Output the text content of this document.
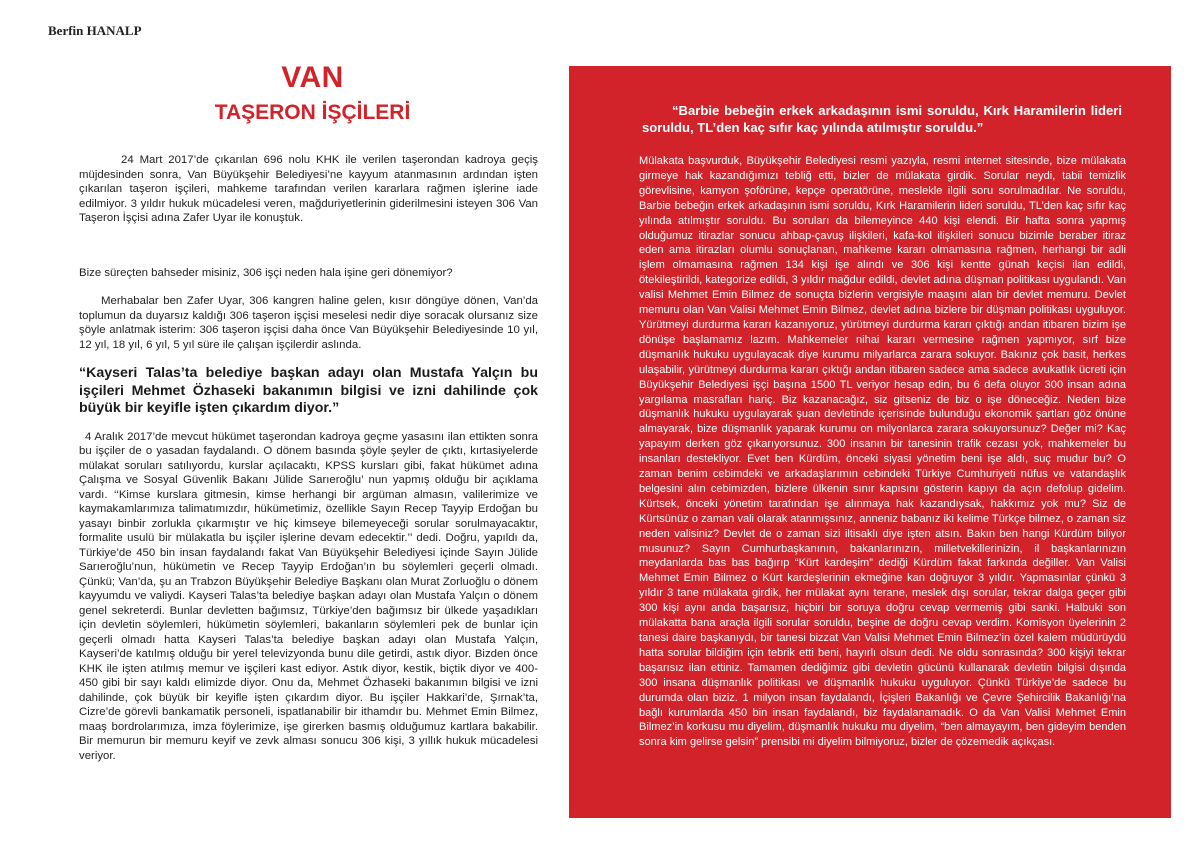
Berfin HANALP
VAN
TAŞERON İŞÇİLERİ

24 Mart 2017’de çıkarılan 696 nolu KHK ile verilen taşerondan kadroya geçiş müjdesinden sonra, Van Büyükşehir Belediyesi’ne kayyum atanmasının ardından işten çıkarılan taşeron işçileri, mahkeme tarafından verilen kararlara rağmen işlerine iade edilmiyor. 3 yıldır hukuk mücadelesi veren, mağduriyetlerinin giderilmesini isteyen 306 Van Taşeron İşçisi adına Zafer Uyar ile konuştuk.

Bize süreçten bahseder misiniz, 306 işçi neden hala işine geri dönemiyor?

Merhabalar ben Zafer Uyar, 306 kangren haline gelen, kısır döngüye dönen, Van’da toplumun da duyarsız kaldığı 306 taşeron işçisi meselesi nedir diye soracak olursanız size şöyle anlatmak isterim: 306 taşeron işçisi daha önce Van Büyükşehir Belediyesinde 10 yıl, 12 yıl, 18 yıl, 6 yıl, 5 yıl süre ile çalışan işçilerdir aslında.

“Kayseri Talas’ta belediye başkan adayı olan Mustafa Yalçın bu işçileri Mehmet Özhaseki bakanımın bilgisi ve izni dahilinde çok büyük bir keyifle işten çıkardım diyor.”

4 Aralık 2017’de mevcut hükümet taşerondan kadroya geçme yasasını ilan ettikten sonra bu işçiler de o yasadan faydalandı. O dönem basında şöyle şeyler de çıktı, kırtasiyelerde mülakat soruları satılıyordu, kurslar açılacaktı, KPSS kursları gibi, fakat hükümet adına Çalışma ve Sosyal Güvenlik Bakanı Jülide Sarıeroğlu’ nun yapmış olduğu bir açıklama vardı. ‘‘Kimse kurslara gitmesin, kimse herhangi bir argüman almasın, valilerimize ve kaymakamlarımıza talimatımızdır, hükümetimiz, özellikle Sayın Recep Tayyip Erdoğan bu yasayı binbir zorlukla çıkarmıştır ve hiç kimseye bilemeyeceği sorular sorulmayacaktır, formalite usulü bir mülakatla bu işçiler işlerine devam edecektir.’’ dedi. Doğru, yapıldı da, Türkiye’de 450 bin insan faydalandı fakat Van Büyükşehir Belediyesi içinde Sayın Jülide Sarıeroğlu’nun, hükümetin ve Recep Tayyip Erdoğan’ın bu söylemleri geçerli olmadı. Çünkü; Van’da, şu an Trabzon Büyükşehir Belediye Başkanı olan Murat Zorluoğlu o dönem kayyumdu ve valiydi. Kayseri Talas’ta belediye başkan adayı olan Mustafa Yalçın o dönem genel sekreterdi. Bunlar devletten bağımsız, Türkiye’den bağımsız bir ülkede yaşadıkları için devletin söylemleri, hükümetin söylemleri, bakanların söylemleri pek de bunlar için geçerli olmadı hatta Kayseri Talas’ta belediye başkan adayı olan Mustafa Yalçın, Kayseri’de katılmış olduğu bir yerel televizyonda bunu dile getirdi, astık diyor. Bizden önce KHK ile işten atılmış memur ve işçileri kast ediyor. Astık diyor, kestik, biçtik diyor ve 400-450 gibi bir sayı kaldı elimizde diyor. Onu da, Mehmet Özhaseki bakanımın bilgisi ve izni dahilinde, çok büyük bir keyifle işten çıkardım diyor. Bu işçiler Hakkari’de, Şırnak’ta, Cizre’de görevli bankamatik personeli, ispatlanabilir bir ithamdır bu. Mehmet Emin Bilmez, maaş bordrolarımıza, imza föylerimize, işe girerken basmış olduğumuz kartlara bakabilir. Bir memurun bir memuru keyif ve zevk alması sonucu 306 kişi, 3 yıllık hukuk mücadelesi veriyor.

“Barbie bebeğin erkek arkadaşının ismi soruldu, Kırk Haramilerin lideri soruldu, TL’den kaç sıfır kaç yılında atılmıştır soruldu.”

Mülakata başvurduk, Büyükşehir Belediyesi resmi yazıyla, resmi internet sitesinde, bize mülakata girmeye hak kazandığımızı tebliğ etti, bizler de mülakata girdik. Sorular neydi, tabii temizlik görevlisine, kamyon şoförüne, kepçe operatörüne, meslekle ilgili soru sorulmadılar. Ne soruldu, Barbie bebeğin erkek arkadaşının ismi soruldu, Kırk Haramilerin lideri soruldu, TL’den kaç sıfır kaç yılında atılmıştır soruldu. Bu soruları da bilemeyince 440 kişi elendi. Bir hafta sonra yapmış olduğumuz itirazlar sonucu ahbap-çavuş ilişkileri, kafa-kol ilişkileri sonucu bizimle beraber itiraz eden ama itirazları olumlu sonuçlanan, mahkeme kararı olmamasına rağmen, herhangi bir adli işlem olmamasına rağmen 134 kişi işe alındı ve 306 kişi kentte günah keçisi ilan edildi, ötekileştirildi, kategorize edildi, 3 yıldır mağdur edildi, devlet adına düşman politikası uygulandı. Van valisi Mehmet Emin Bilmez de sonuçta bizlerin vergisiyle maaşını alan bir devlet memuru. Devlet memuru olan Van Valisi Mehmet Emin Bilmez, devlet adına bizlere bir düşman politikası uyguluyor. Yürütmeyi durdurma kararı kazanıyoruz, yürütmeyi durdurma kararı çıktığı andan itibaren bizim işe dönüşe başlamamız lazım. Mahkemeler nihai kararı vermesine rağmen yapmıyor, sırf bize düşmanlık hukuku uygulayacak diye kurumu milyarlarca zarara sokuyor. Bakınız çok basit, herkes ulaşabilir, yürütmeyi durdurma kararı çıktığı andan itibaren sadece ama sadece avukatlık ücreti için Büyükşehir Belediyesi işçi başına 1500 TL veriyor hesap edin, bu 6 defa oluyor 300 insan adına yargılama masrafları hariç. Biz kazanacağız, siz gitseniz de biz o işe döneceğiz. Neden bize düşmanlık hukuku uygulayarak şuan devletinde içerisinde bulunduğu ekonomik şartları göz önüne almayarak, bize düşmanlık yaparak kurumu on milyonlarca zarara sokuyorsunuz? Değer mi? Kaç yapayım derken göz çıkarıyorsunuz. 300 insanın bir tanesinin trafik cezası yok, mahkemeler bu insanları destekliyor. Evet ben Kürdüm, önceki siyasi yönetim beni işe aldı, suç mudur bu? O zaman benim cebimdeki ve arkadaşlarımın cebindeki Türkiye Cumhuriyeti nüfus ve vatandaşlık belgesini alın cebimizden, bizlere ülkenin sınır kapısını gösterin kapıyı da açın defolup gidelim. Kürtsek, önceki yönetim tarafından işe alınmaya hak kazandıysak, hakkımız yok mu? Siz de Kürtsünüz o zaman vali olarak atanmışsınız, anneniz babanız iki kelime Türkçe bilmez, o zaman siz neden valisiniz? Devlet de o zaman sizi iltisaklı diye işten atsın. Bakın ben hangi Kürdüm biliyor musunuz? Sayın Cumhurbaşkanının, bakanlarınızın, milletvekillerinizin, il başkanlarınızın meydanlarda bas bas bağırıp “Kürt kardeşim” dediği Kürdüm fakat farkında değiller. Van Valisi Mehmet Emin Bilmez o Kürt kardeşlerinin ekmeğine kan doğruyor 3 yıldır. Yapmasınlar çünkü 3 yıldır 3 tane mülakata girdik, her mülakat aynı terane, meslek dışı sorular, tekrar dalga geçer gibi 300 kişi aynı anda başarısız, hiçbiri bir soruya doğru cevap vermemiş gibi sanki. Halbuki son mülakatta bana araçla ilgili sorular soruldu, beşine de doğru cevap verdim. Komisyon üyelerinin 2 tanesi daire başkanıydı, bir tanesi bizzat Van Valisi Mehmet Emin Bilmez’in özel kalem müdürüydü hatta sorular bildiğim için tebrik etti beni, hayırlı olsun dedi. Ne oldu sonrasında? 300 kişiyi tekrar başarısız ilan ettiniz. Tamamen dediğimiz gibi devletin gücünü kullanarak devletin bilgisi dışında 300 insana düşmanlık politikası ve düşmanlık hukuku uyguluyor. Çünkü Türkiye’de sadece bu durumda olan biziz. 1 milyon insan faydalandı, İçişleri Bakanlığı ve Çevre Şehircilik Bakanlığı’na bağlı kurumlarda 450 bin insan faydalandı, biz faydalanamadık. O da Van Valisi Mehmet Emin Bilmez’in korkusu mu diyelim, düşmanlık hukuku mu diyelim, “ben almayayım, ben gideyim benden sonra kim gelirse gelsin” prensibi mi diyelim bilmiyoruz, bizler de çözemedik açıkçası.
